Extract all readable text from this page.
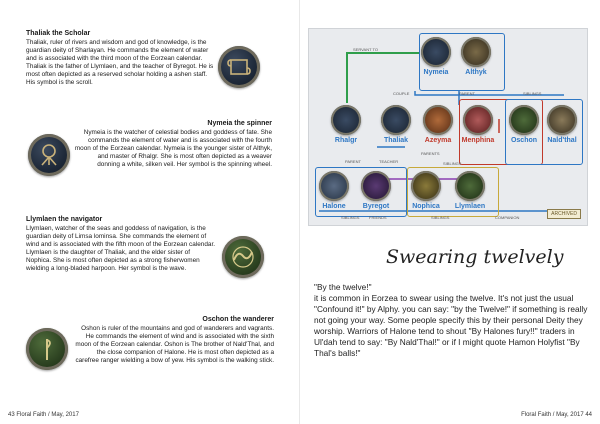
Thaliak the Scholar
Thaliak, ruler of rivers and wisdom and god of knowledge, is the guardian deity of Sharlayan. He commands the element of water and is associated with the third moon of the Eorzean calendar. Thaliak is the father of Llymlaen, and the teacher of Byregot. He is most often depicted as a reserved scholar holding a ashen staff. His symbol is the scroll.
Nymeia the spinner
Nymeia is the watcher of celestial bodies and goddess of fate. She commands the element of water and is associated with the fourth moon of the Eorzean calendar. Nymeia is the younger sister of Althyk, and master of Rhalgr. She is most often depicted as a weaver donning a white, silken veil. Her symbol is the spinning wheel.
Llymlaen the navigator
Llymlaen, watcher of the seas and goddess of navigation, is the guardian deity of Limsa lominsa. She commands the element of wind and is associated with the fifth moon of the Eorzean calendar. Llymlaen is the daughter of Thaliak, and the elder sister of Nophica. She is most often depicted as a strong fisherwomen wielding a long-bladed harpoon. Her symbol is the wave.
Oschon the wanderer
Oshon is ruler of the mountains and god of wanderers and vagrants. He commands the element of wind and is associated with the sixth moon of the Eorzean calendar. Oshon is The brother of Nald'Thal, and the close companion of Halone. He is most often depicted as a carefree ranger wielding a bow of yew. His symbol is the walking stick.
43 Floral Faith / May, 2017	Floral Faith / May, 2017 44
Nymeia	Althyk
Rhalgr	Thaliak	Azeyma	Menphina	Oschon	Nald'thal
Halone	Byregot	Nophica	Llymlaen
SERVANT TO
COUPLE	PARENT	SIBLINGS
PARENTS
SIBLINGS
PARENT	TEACHER
SIBLINGS FRIENDS	SIBLINGS	COMPANION
ARCHIVED
Swearing twelvely
"By the twelve!"
it is common in Eorzea to swear using the twelve. It's not just the usual "Confound it!" by Alphy. you can say: "by the Twelve!" if something is really not going your way. Some people specify this by their personal Deity they worship. Warriors of Halone tend to shout "By Halones fury!!" traders in Ul'dah tend to say: "By Nald'Thal!" or if I might quote Hamon Holyfist "By Thal's balls!"
